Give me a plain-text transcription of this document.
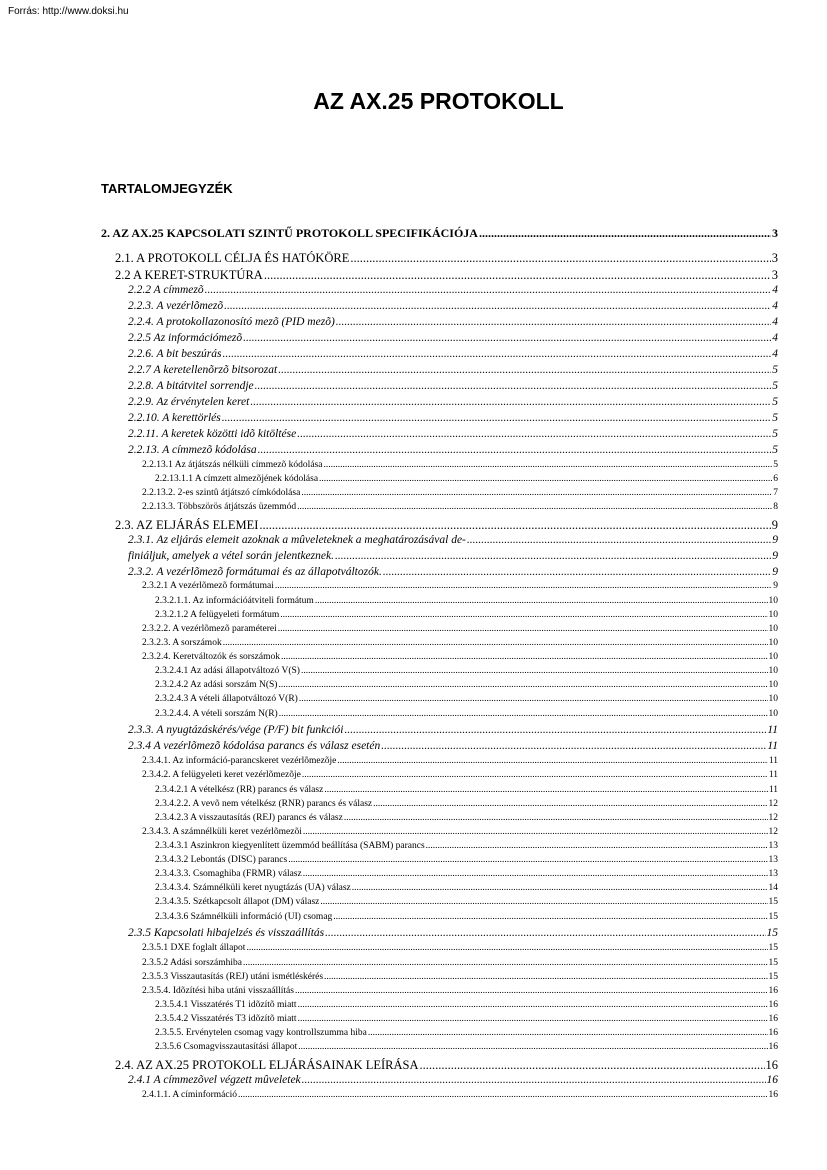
Forrás: http://www.doksi.hu
AZ AX.25 PROTOKOLL
TARTALOMJEGYZÉK
2. AZ AX.25 KAPCSOLATI SZINTŰ PROTOKOLL SPECIFIKÁCIÓJA .....	3
2.1. A PROTOKOLL CÉLJA ÉS HATÓKÖRE .....	3
2.2 A KERET-STRUKTÚRA .....	3
2.2.2 A címmezõ .....	4
2.2.3. A vezérlõmezõ .....	4
2.2.4. A protokollazonosító mezõ (PID mezõ) .....	4
2.2.5 Az információmezõ .....	4
2.2.6. A bit beszúrás .....	4
2.2.7 A keretellenõrzõ bitsorozat .....	5
2.2.8. A bitátvitel sorrendje .....	5
2.2.9. Az érvénytelen keret .....	5
2.2.10. A kerettörlés .....	5
2.2.11. A keretek közötti idõ kitöltése .....	5
2.2.13. A címmezõ kódolása .....	5
2.2.13.1 Az átjátszás nélküli címmezõ kódolása .....	5
2.2.13.1.1 A címzett almezõjének kódolása .....	6
2.2.13.2. 2-es szintû átjátszó címkódolása .....	7
2.2.13.3. Többszörös átjátszás üzemmód .....	8
2.3. AZ ELJÁRÁS ELEMEI .....	9
2.3.1. Az eljárás elemeit azoknak a mûveleteknek a meghatározásával de- .....	9
finiáljuk, amelyek a vétel során jelentkeznek. .....	9
2.3.2. A vezérlõmezõ formátumai és az állapotváltozók. .....	9
2.3.2.1 A vezérlõmezõ formátumai .....	9
2.3.2.1.1. Az információátviteli formátum .....	10
2.3.2.1.2 A felügyeleti formátum .....	10
2.3.2.2. A vezérlõmezõ paraméterei .....	10
2.3.2.3. A sorszámok .....	10
2.3.2.4. Keretváltozók és sorszámok .....	10
2.3.2.4.1 Az adási állapotváltozó V(S) .....	10
2.3.2.4.2 Az adási sorszám N(S) .....	10
2.3.2.4.3 A vételi állapotváltozó V(R) .....	10
2.3.2.4.4. A vételi sorszám N(R) .....	10
2.3.3. A nyugtázáskérés/vége (P/F) bit funkciói .....	11
2.3.4 A vezérlõmezõ kódolása parancs és válasz esetén .....	11
2.3.4.1. Az információ-parancskeret vezérlõmezõje .....	11
2.3.4.2. A felügyeleti keret vezérlõmezõje .....	11
2.3.4.2.1 A vételkész (RR) parancs és válasz .....	11
2.3.4.2.2. A vevõ nem vételkész (RNR) parancs és válasz .....	12
2.3.4.2.3 A visszautasítás (REJ) parancs és válasz .....	12
2.3.4.3. A számnélküli keret vezérlõmezõi .....	12
2.3.4.3.1 Aszinkron kiegyenlített üzemmód beállítása (SABM) parancs .....	13
2.3.4.3.2 Lebontás (DISC) parancs .....	13
2.3.4.3.3. Csomaghiba (FRMR) válasz .....	13
2.3.4.3.4. Számnélküli keret nyugtázás (UA) válasz .....	14
2.3.4.3.5. Szétkapcsolt állapot (DM) válasz .....	15
2.3.4.3.6 Számnélküli információ (UI) csomag .....	15
2.3.5 Kapcsolati hibajelzés és visszaállítás .....	15
2.3.5.1 DXE foglalt állapot .....	15
2.3.5.2 Adási sorszámhiba .....	15
2.3.5.3 Visszautasítás (REJ) utáni ismétléskérés .....	15
2.3.5.4. Idõzítési hiba utáni visszaállítás .....	16
2.3.5.4.1 Visszatérés T1 idõzítõ miatt .....	16
2.3.5.4.2 Visszatérés T3 idõzítõ miatt .....	16
2.3.5.5. Érvénytelen csomag vagy kontrollszumma hiba .....	16
2.3.5.6 Csomagvisszautasítási állapot .....	16
2.4. AZ AX.25 PROTOKOLL ELJÁRÁSAINAK LEÍRÁSA .....	16
2.4.1 A címmezõvel végzett mûveletek .....	16
2.4.1.1. A címinformáció .....	16
